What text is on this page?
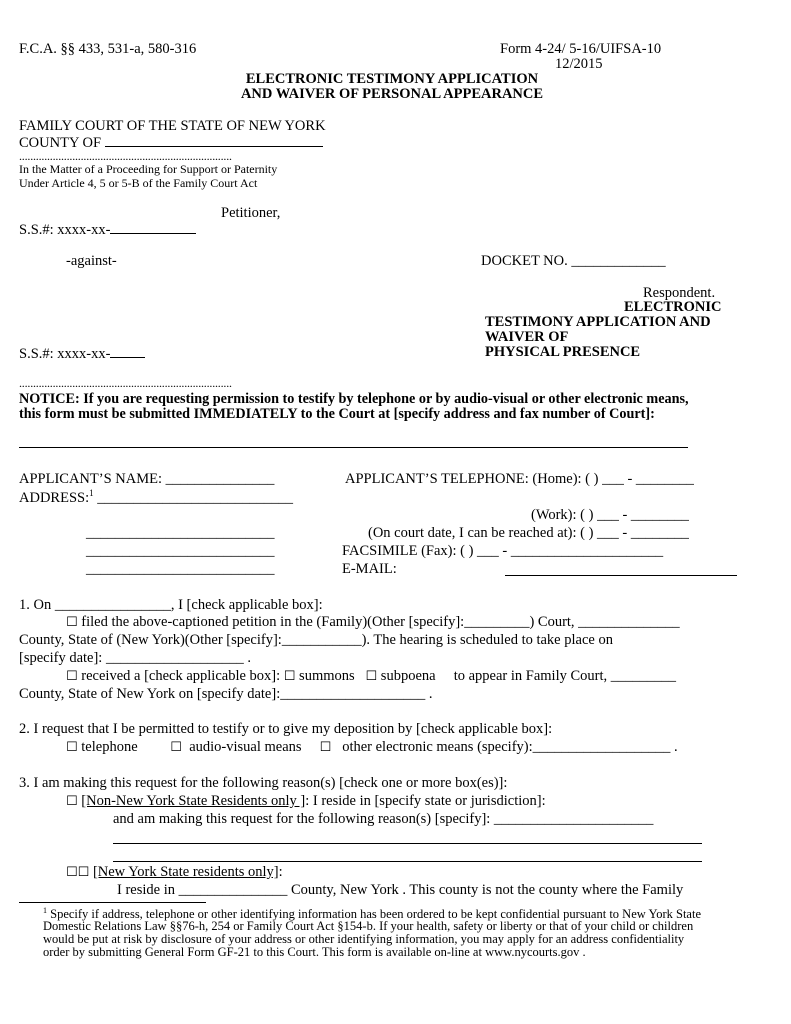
F.C.A. §§ 433, 531-a, 580-316	Form 4-24/ 5-16/UIFSA-10
12/2015
ELECTRONIC TESTIMONY APPLICATION
AND WAIVER OF PERSONAL APPEARANCE
FAMILY COURT OF THE STATE OF NEW YORK
COUNTY OF
............................................................................
In the Matter of a Proceeding for Support or Paternity
Under Article 4, 5 or 5-B of the Family Court Act
Petitioner,
S.S.#: xxxx-xx-
-against-	DOCKET NO. _____________
Respondent.
ELECTRONIC
TESTIMONY APPLICATION AND
WAIVER OF
PHYSICAL PRESENCE
S.S.#: xxxx-xx-
............................................................................
NOTICE: If you are requesting permission to testify by telephone or by audio-visual or other electronic means,
this form must be submitted IMMEDIATELY to the Court at [specify address and fax number of Court]:
APPLICANT’S NAME: _______________
ADDRESS:$^1$ ___________________________
APPLICANT’S TELEPHONE: (Home): ( ) ___ - ________
(Work): ( ) ___ - ________
__________________________	(On court date, I can be reached at): ( ) ___ - ________
__________________________	FACSIMILE (Fax): ( ) ___ - _____________________
__________________________	E-MAIL:
1. On ________________, I [check applicable box]:
☐ filed the above-captioned petition in the (Family)(Other [specify]:_________) Court, ______________
County, State of (New York)(Other [specify]:___________). The hearing is scheduled to take place on
[specify date]: ___________________ .
☐ received a [check applicable box]: ☐ summons ☐ subpoena to appear in Family Court, _________
County, State of New York on [specify date]:____________________ .
2. I request that I be permitted to testify or to give my deposition by [check applicable box]:
☐ telephone	☐ audio-visual means ☐ other electronic means (specify):___________________ .
3. I am making this request for the following reason(s) [check one or more box(es)]:
☐ [Non-New York State Residents only ]: I reside in [specify state or jurisdiction]:
and am making this request for the following reason(s) [specify]: ______________________
☐☐ [New York State residents only]:
I reside in _______________ County, New York . This county is not the county where the Family
$^1$ Specify if address, telephone or other identifying information has been ordered to be kept confidential pursuant to New York State
Domestic Relations Law §§76-h, 254 or Family Court Act §154-b. If your health, safety or liberty or that of your child or children
would be put at risk by disclosure of your address or other identifying information, you may apply for an address confidentiality
order by submitting General Form GF-21 to this Court. This form is available on-line at www.nycourts.gov .
